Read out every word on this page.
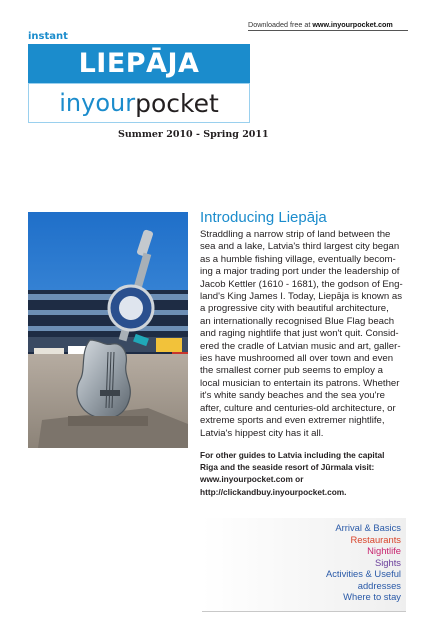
Downloaded free at www.inyourpocket.com
instant
LIEPĀJA
in your pocket
Summer 2010 - Spring 2011
Introducing Liepāja

Straddling a narrow strip of land between the

sea and a lake, Latvia's third largest city began

as a humble fishing village, eventually becom-

ing a major trading port under the leadership of

Jacob Kettler (1610 - 1681), the godson of Eng-

land's King James I. Today, Liepāja is known as

a progressive city with beautiful architecture,

an internationally recognised Blue Flag beach

and raging nightlife that just won't quit. Consid-

ered the cradle of Latvian music and art, galler-

ies have mushroomed all over town and even

the smallest corner pub seems to employ a

local musician to entertain its patrons. Whether

it's white sandy beaches and the sea you're

after, culture and centuries-old architecture, or

extreme sports and even extremer nightlife,

Latvia's hippest city has it all.

For other guides to Latvia including the capital

Riga and the seaside resort of Jūrmala visit:

www.inyourpocket.com or

http://clickandbuy.inyourpocket.com.

Arrival & Basics
Restaurants
Nightlife
Sights
Activities & Useful
addresses
Where to stay
